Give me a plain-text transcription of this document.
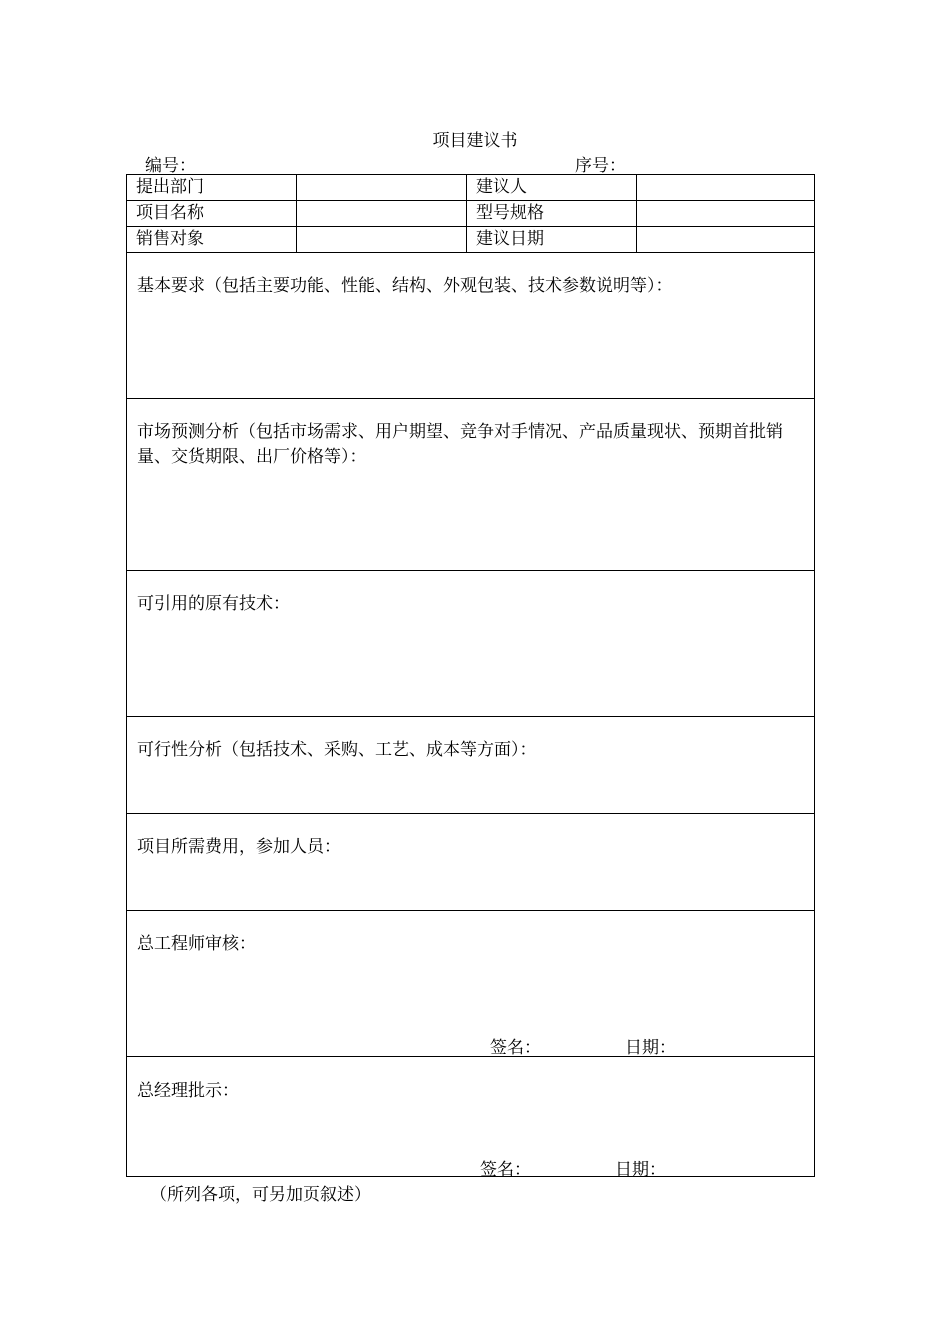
项目建议书
编号：	序号：
提出部门	建议人
项目名称	型号规格
销售对象	建议日期
基本要求（包括主要功能、性能、结构、外观包装、技术参数说明等）：
市场预测分析（包括市场需求、用户期望、竞争对手情况、产品质量现状、预期首批销量、交货期限、出厂价格等）：
可引用的原有技术：
可行性分析（包括技术、采购、工艺、成本等方面）：
项目所需费用，参加人员：
总工程师审核：
签名：	日期：
总经理批示：
签名：	日期：
（所列各项，可另加页叙述）
